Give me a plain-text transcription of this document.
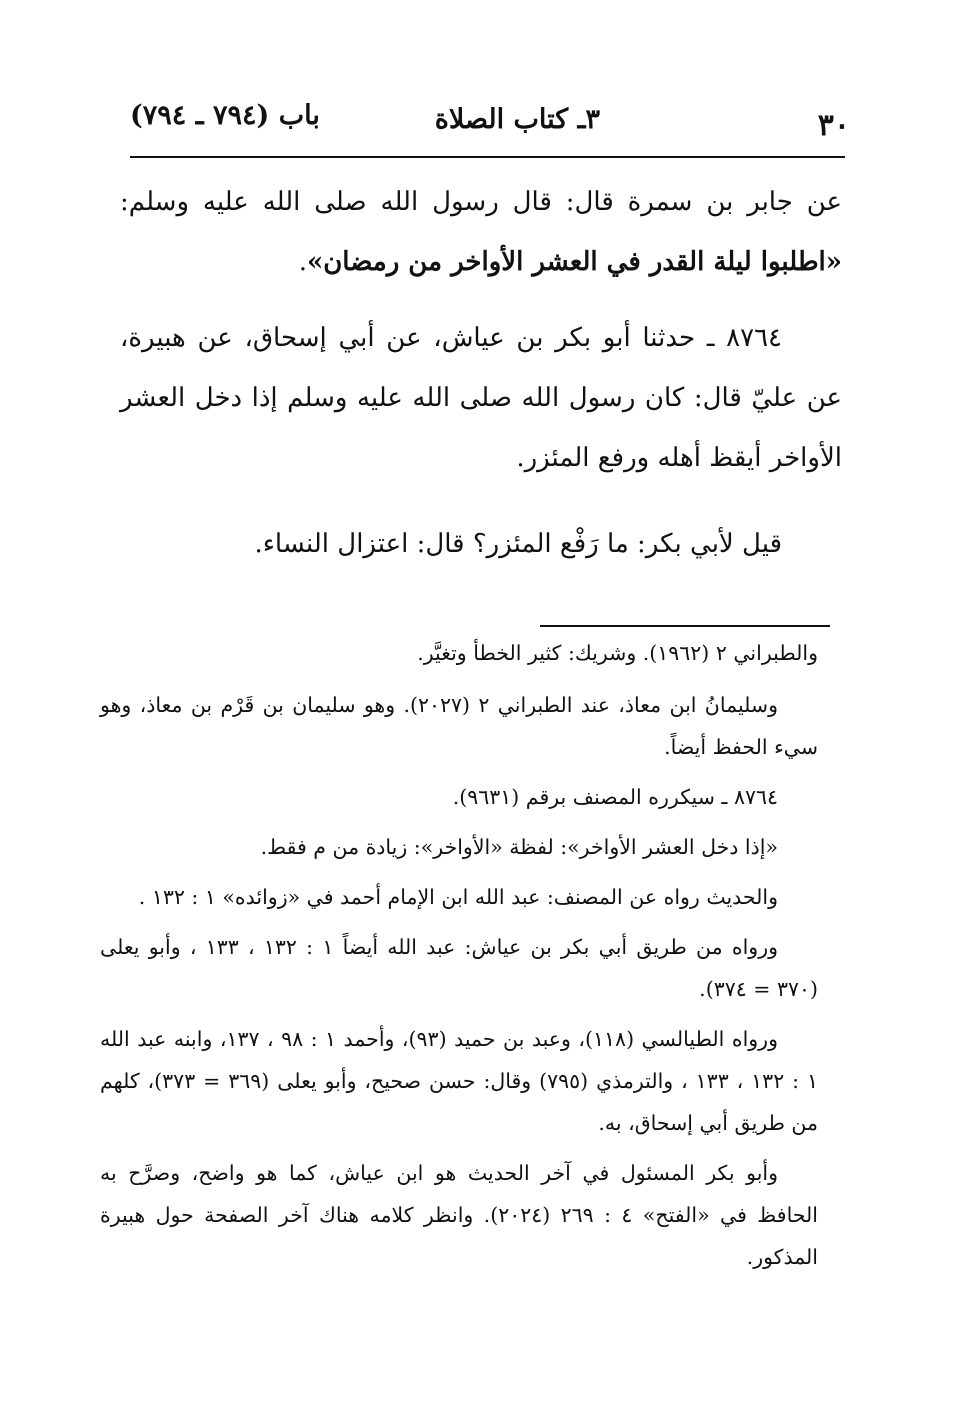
٣٠
٣ـ كتاب الصلاة
باب (٧٩٤ ـ ٧٩٤)

عن جابر بن سمرة قال: قال رسول الله صلى الله عليه وسلم: «اطلبوا ليلة القدر في العشر الأواخر من رمضان».

٨٧٦٤ ـ حدثنا أبو بكر بن عياش، عن أبي إسحاق، عن هبيرة، عن عليّ قال: كان رسول الله صلى الله عليه وسلم إذا دخل العشر الأواخر أيقظ أهله ورفع المئزر.

قيل لأبي بكر: ما رَفْع المئزر؟ قال: اعتزال النساء.

والطبراني ٢ (١٩٦٢). وشريك: كثير الخطأ وتغيَّر.

وسليمانُ ابن معاذ، عند الطبراني ٢ (٢٠٢٧). وهو سليمان بن قَرْم بن معاذ، وهو سيء الحفظ أيضاً.

٨٧٦٤ ـ سيكرره المصنف برقم (٩٦٣١).

«إذا دخل العشر الأواخر»: لفظة «الأواخر»: زيادة من م فقط.

والحديث رواه عن المصنف: عبد الله ابن الإمام أحمد في «زوائده» ١ : ١٣٢ .

ورواه من طريق أبي بكر بن عياش: عبد الله أيضاً ١ : ١٣٢ ، ١٣٣ ، وأبو يعلى (٣٧٠ = ٣٧٤).

ورواه الطيالسي (١١٨)، وعبد بن حميد (٩٣)، وأحمد ١ : ٩٨ ، ١٣٧، وابنه عبد الله ١ : ١٣٢ ، ١٣٣ ، والترمذي (٧٩٥) وقال: حسن صحيح، وأبو يعلى (٣٦٩ = ٣٧٣)، كلهم من طريق أبي إسحاق، به.

وأبو بكر المسئول في آخر الحديث هو ابن عياش، كما هو واضح، وصرَّح به الحافظ في «الفتح» ٤ : ٢٦٩ (٢٠٢٤). وانظر كلامه هناك آخر الصفحة حول هبيرة المذكور.
